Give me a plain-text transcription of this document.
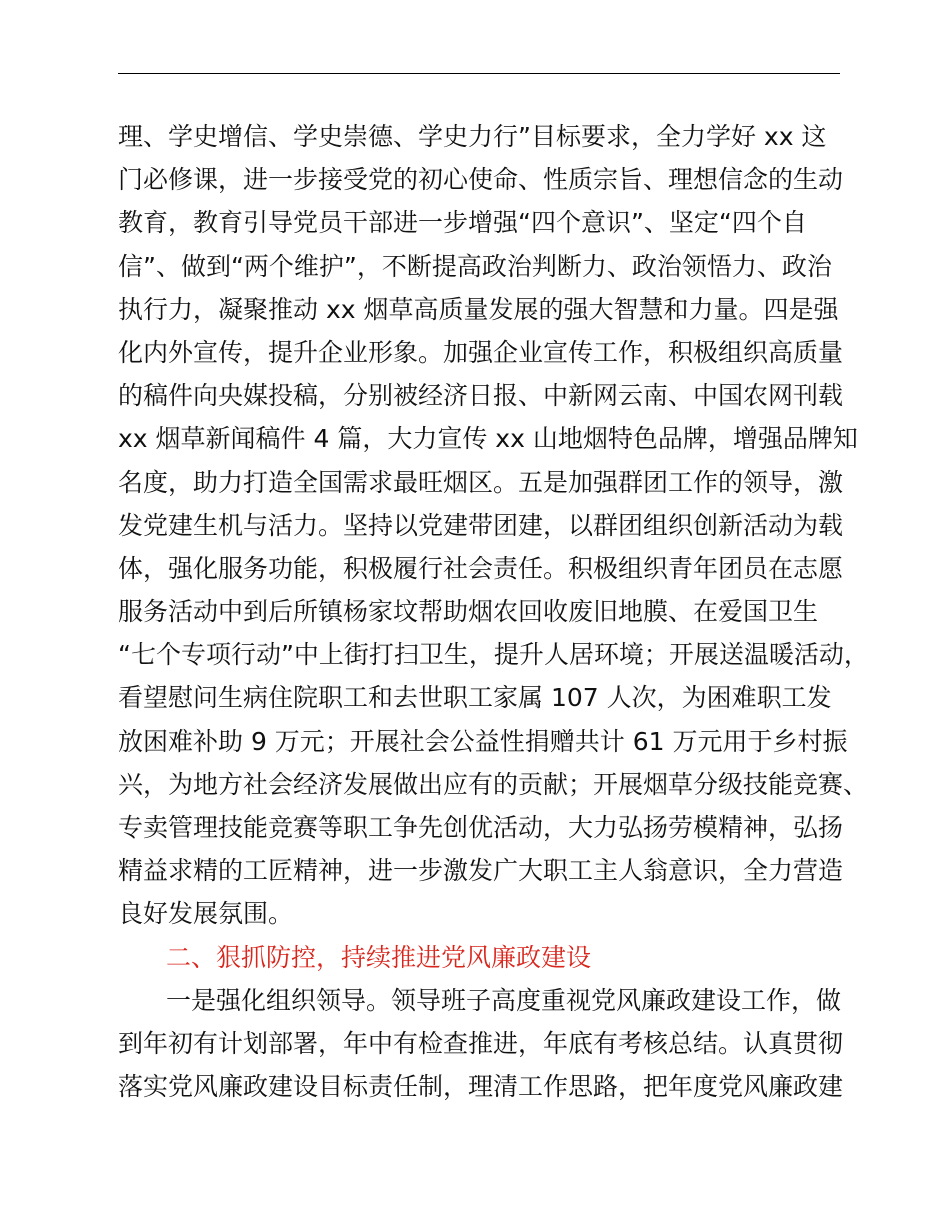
理、学史增信、学史崇德、学史力行”目标要求，全力学好 xx 这
门必修课，进一步接受党的初心使命、性质宗旨、理想信念的生动
教育，教育引导党员干部进一步增强“四个意识”、坚定“四个自
信”、做到“两个维护”，不断提高政治判断力、政治领悟力、政治
执行力，凝聚推动 xx 烟草高质量发展的强大智慧和力量。四是强
化内外宣传，提升企业形象。加强企业宣传工作，积极组织高质量
的稿件向央媒投稿，分别被经济日报、中新网云南、中国农网刊载
xx 烟草新闻稿件 4 篇，大力宣传 xx 山地烟特色品牌，增强品牌知
名度，助力打造全国需求最旺烟区。五是加强群团工作的领导，激
发党建生机与活力。坚持以党建带团建，以群团组织创新活动为载
体，强化服务功能，积极履行社会责任。积极组织青年团员在志愿
服务活动中到后所镇杨家坟帮助烟农回收废旧地膜、在爱国卫生
“七个专项行动”中上街打扫卫生，提升人居环境；开展送温暖活动，
看望慰问生病住院职工和去世职工家属 107 人次，为困难职工发
放困难补助 9 万元；开展社会公益性捐赠共计 61 万元用于乡村振
兴，为地方社会经济发展做出应有的贡献；开展烟草分级技能竞赛、
专卖管理技能竞赛等职工争先创优活动，大力弘扬劳模精神，弘扬
精益求精的工匠精神，进一步激发广大职工主人翁意识，全力营造
良好发展氛围。
二、狠抓防控，持续推进党风廉政建设
一是强化组织领导。领导班子高度重视党风廉政建设工作，做
到年初有计划部署，年中有检查推进，年底有考核总结。认真贯彻
落实党风廉政建设目标责任制，理清工作思路，把年度党风廉政建
